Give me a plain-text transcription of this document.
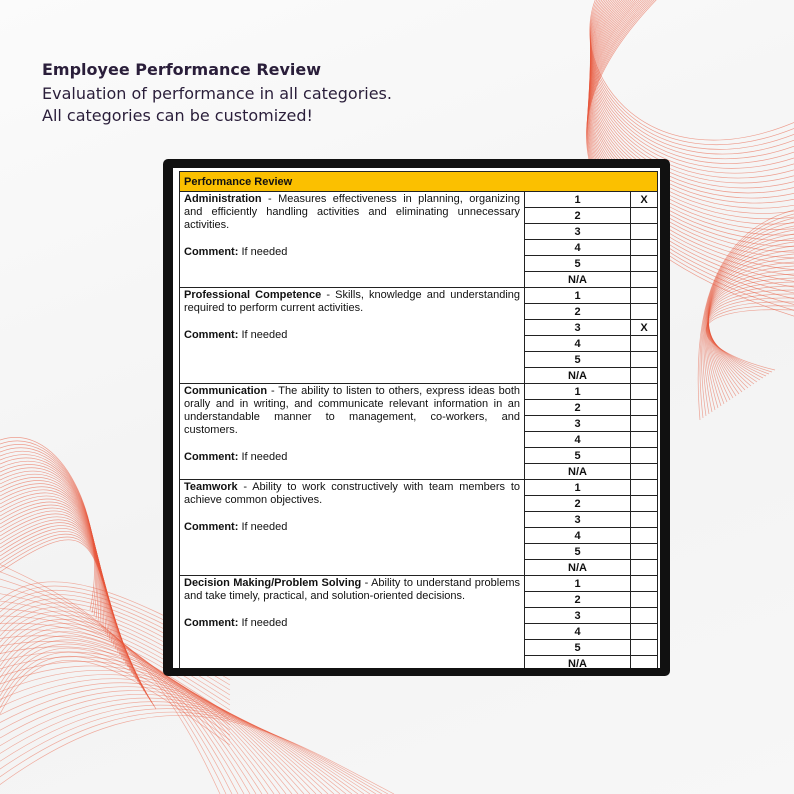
Employee Performance Review
Evaluation of performance in all categories.
All categories can be customized!
Performance Review		

Administration - Measures effectiveness in planning, organizing and efficiently handling activities and eliminating unnecessary activities.
Comment: If needed	1	X
	2	
	3	
	4	
	5	
	N/A	

Professional Competence - Skills, knowledge and understanding required to perform current activities.
Comment: If needed	1	
	2	
	3	X
	4	
	5	
	N/A	

Communication - The ability to listen to others, express ideas both orally and in writing, and communicate relevant information in an understandable manner to management, co-workers, and customers.
Comment: If needed	1	
	2	
	3	
	4	
	5	
	N/A	

Teamwork - Ability to work constructively with team members to achieve common objectives.
Comment: If needed	1	
	2	
	3	
	4	
	5	
	N/A	

Decision Making/Problem Solving - Ability to understand problems and take timely, practical, and solution-oriented decisions.
Comment: If needed	1	
	2	
	3	
	4	
	5	
	N/A	
